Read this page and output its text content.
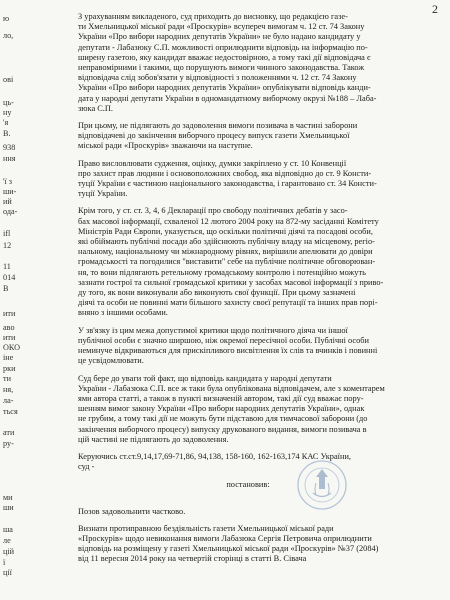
2
ю
ло,
ові
ць-
ну
'я
В.
938
ння
'ї з
ши-
ий
ода-
ifl
12
11
014
В
ити
аво
ити
ОКО
іне
рки
ти
ня,
ла-
ться
ати
ру-
ми
ши
ша
ле
цій
ї
ції
З урахуванням викладеного, суд приходить до висновку, що редакцією газе-
ти Хмельницької міської ради «Проскурів» всупереч вимогам ч. 12 ст. 74 Закону
України «Про вибори народних депутатів України» не було надано кандидату у
депутати - Лабазюку С.П. можливості оприлюднити відповідь на інформацію по-
ширену газетою, яку кандидат вважає недостовірною, а тому такі дії відповідача є
неправомірними і такими, що порушують вимоги чинного законодавства. Також
відповідача слід зобов'язати у відповідності з положеннями ч. 12 ст. 74 Закону
України «Про вибори народних депутатів України» опублікувати відповідь канди-
дата у народні депутати України в одномандатному виборчому окрузі №188 – Лаба-
зюка С.П.
При цьому, не підлягають до задоволення вимоги позивача в частині заборони
відповідачеві до закінчення виборчого процесу випуск газети Хмельницької
міської ради «Проскурів» зважаючи на наступне.
Право висловлювати судження, оцінку, думки закріплено у ст. 10 Конвенції
про захист прав людини і основоположних свобод, яка відповідно до ст. 9 Консти-
туції України є частиною національного законодавства, і гарантовано ст. 34 Консти-
туції України.
Крім того, у ст. ст. 3, 4, 6 Декларації про свободу політичних дебатів у засо-
бах масової інформації, схваленої 12 лютого 2004 року на 872-му засіданні Комітету
Міністрів Ради Європи, указується, що оскільки політичні діячі та посадові особи,
які обіймають публічні посади або здійснюють публічну владу на місцевому, регіо-
нальному, національному чи міжнародному рівнях, вирішили апелювати до довіри
громадськості та погодилися "виставити" себе на публічне політичне обговорюван-
ня, то вони підлягають ретельному громадському контролю і потенційно можуть
зазнати гострої та сильної громадської критики у засобах масової інформації з приво-
ду того, як вони виконували або виконують свої функції. При цьому зазначені
діячі та особи не повинні мати більшого захисту своєї репутації та інших прав порі-
вняно з іншими особами.
У зв'язку із цим межа допустимої критики щодо політичного діяча чи іншої
публічної особи є значно ширшою, ніж окремої пересічної особи. Публічні особи
неминуче відкриваються для прискіпливого висвітлення їх слів та вчинків і повинні
це усвідомлювати.
Суд бере до уваги той факт, що відповідь кандидата у народні депутати
України - Лабазюка С.П. все ж таки була опублікована відповідачем, але з коментарем
ями автора статті, а також в пункті визначеній автором, такі дії суд вважає пору-
шенням вимог закону України «Про вибори народних депутатів України», однак
не грубим, а тому такі дії не можуть бути підставою для тимчасової заборони (до
закінчення виборчого процесу) випуску друкованого видання, вимоги позивача в
цій частині не підлягають до задоволення.
Керуючись ст.ст.9,14,17,69-71,86, 94,138, 158-160, 162-163,174 КАС України,
суд -
постановив:
Позов задовольнити частково.
Визнати протиправною бездіяльність газети Хмельницької міської ради
«Проскурів» щодо невиконання вимоги Лабазюка Сергія Петровича оприлюднити
відповідь на розміщену у газеті Хмельницької міської ради «Проскурів» №37 (2084)
від 11 вересня 2014 року на четвертій сторінці в статті В. Сівача
